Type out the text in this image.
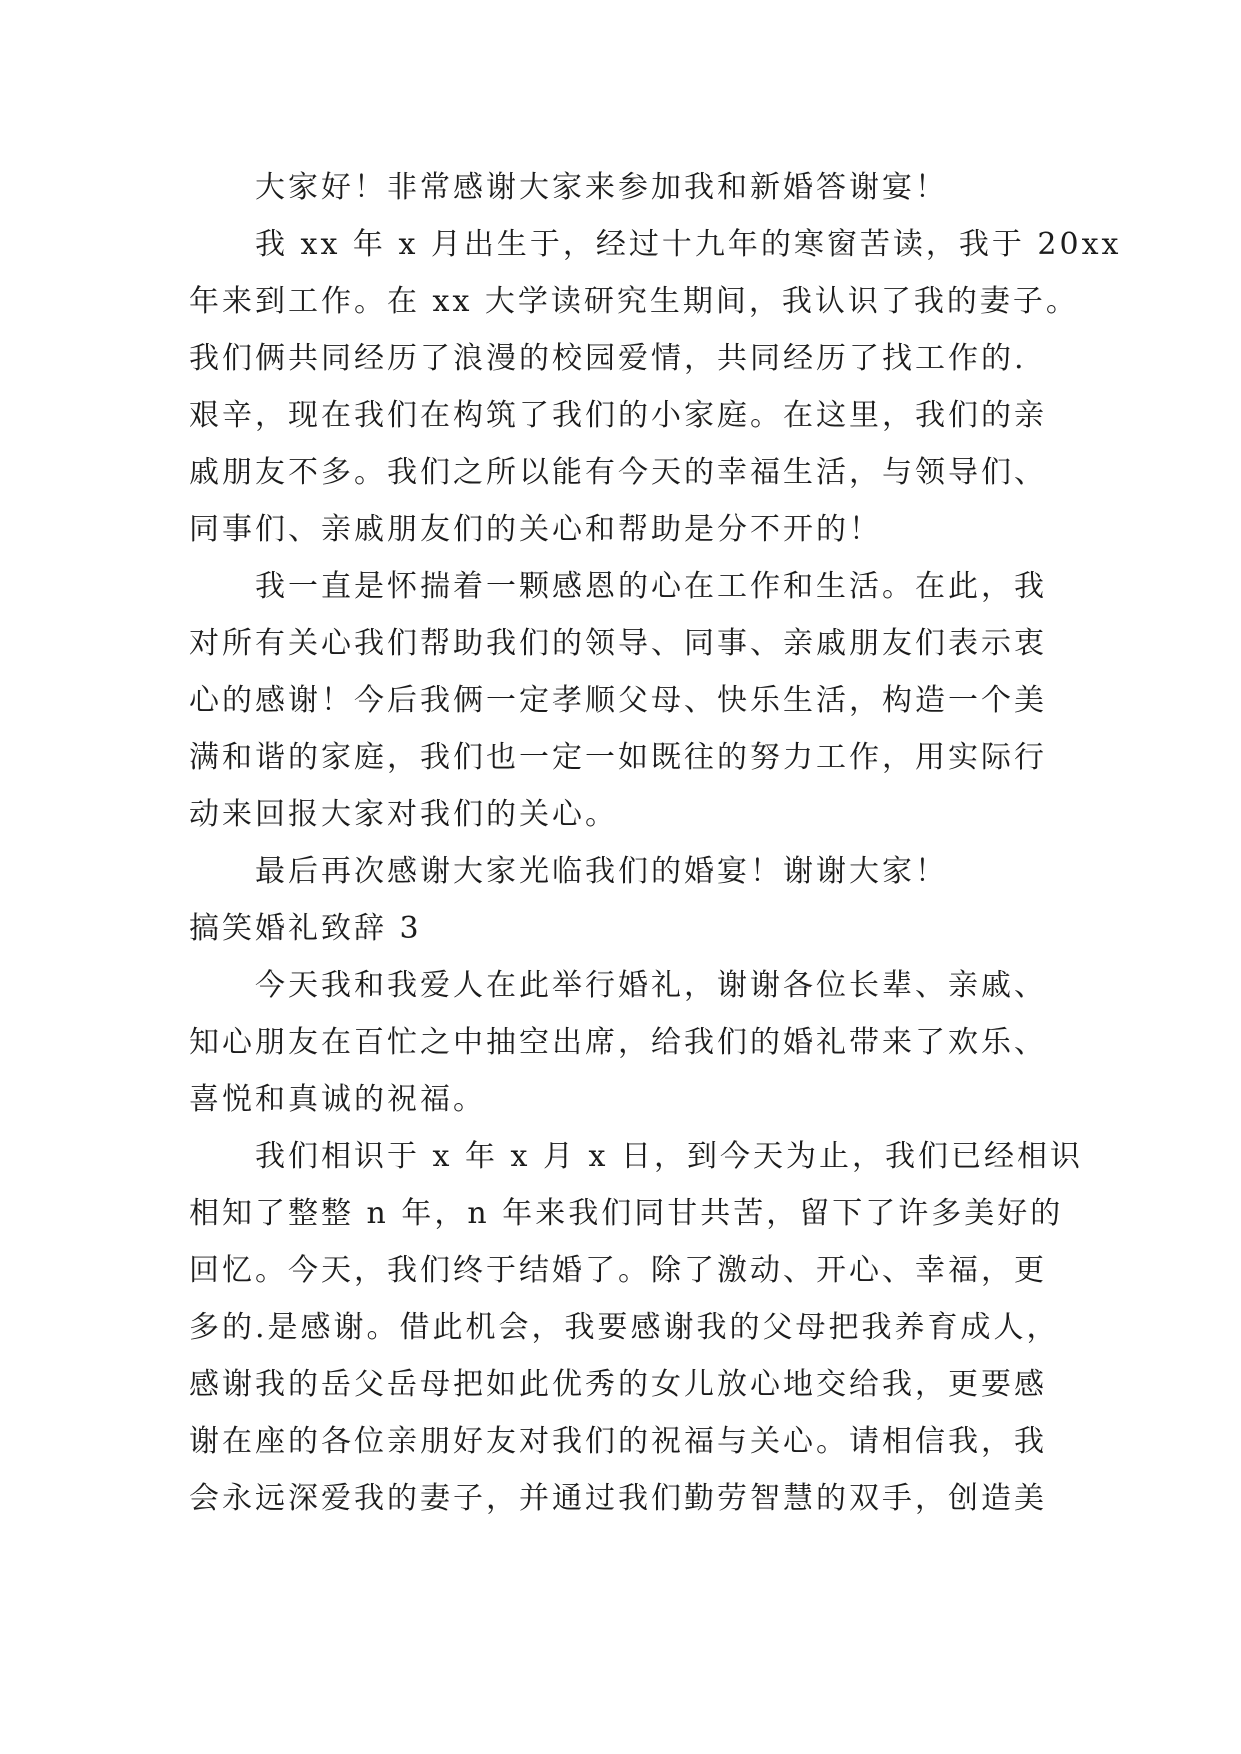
大家好！非常感谢大家来参加我和新婚答谢宴！

我 xx 年 x 月出生于，经过十九年的寒窗苦读，我于 20xx

年来到工作。在 xx 大学读研究生期间，我认识了我的妻子。

我们俩共同经历了浪漫的校园爱情，共同经历了找工作的.

艰辛，现在我们在构筑了我们的小家庭。在这里，我们的亲

戚朋友不多。我们之所以能有今天的幸福生活，与领导们、

同事们、亲戚朋友们的关心和帮助是分不开的！

我一直是怀揣着一颗感恩的心在工作和生活。在此，我

对所有关心我们帮助我们的领导、同事、亲戚朋友们表示衷

心的感谢！今后我俩一定孝顺父母、快乐生活，构造一个美

满和谐的家庭，我们也一定一如既往的努力工作，用实际行

动来回报大家对我们的关心。

最后再次感谢大家光临我们的婚宴！谢谢大家！

搞笑婚礼致辞 3

今天我和我爱人在此举行婚礼，谢谢各位长辈、亲戚、

知心朋友在百忙之中抽空出席，给我们的婚礼带来了欢乐、

喜悦和真诚的祝福。

我们相识于 x 年 x 月 x 日，到今天为止，我们已经相识

相知了整整 n 年，n 年来我们同甘共苦，留下了许多美好的

回忆。今天，我们终于结婚了。除了激动、开心、幸福，更

多的.是感谢。借此机会，我要感谢我的父母把我养育成人，

感谢我的岳父岳母把如此优秀的女儿放心地交给我，更要感

谢在座的各位亲朋好友对我们的祝福与关心。请相信我，我

会永远深爱我的妻子，并通过我们勤劳智慧的双手，创造美
